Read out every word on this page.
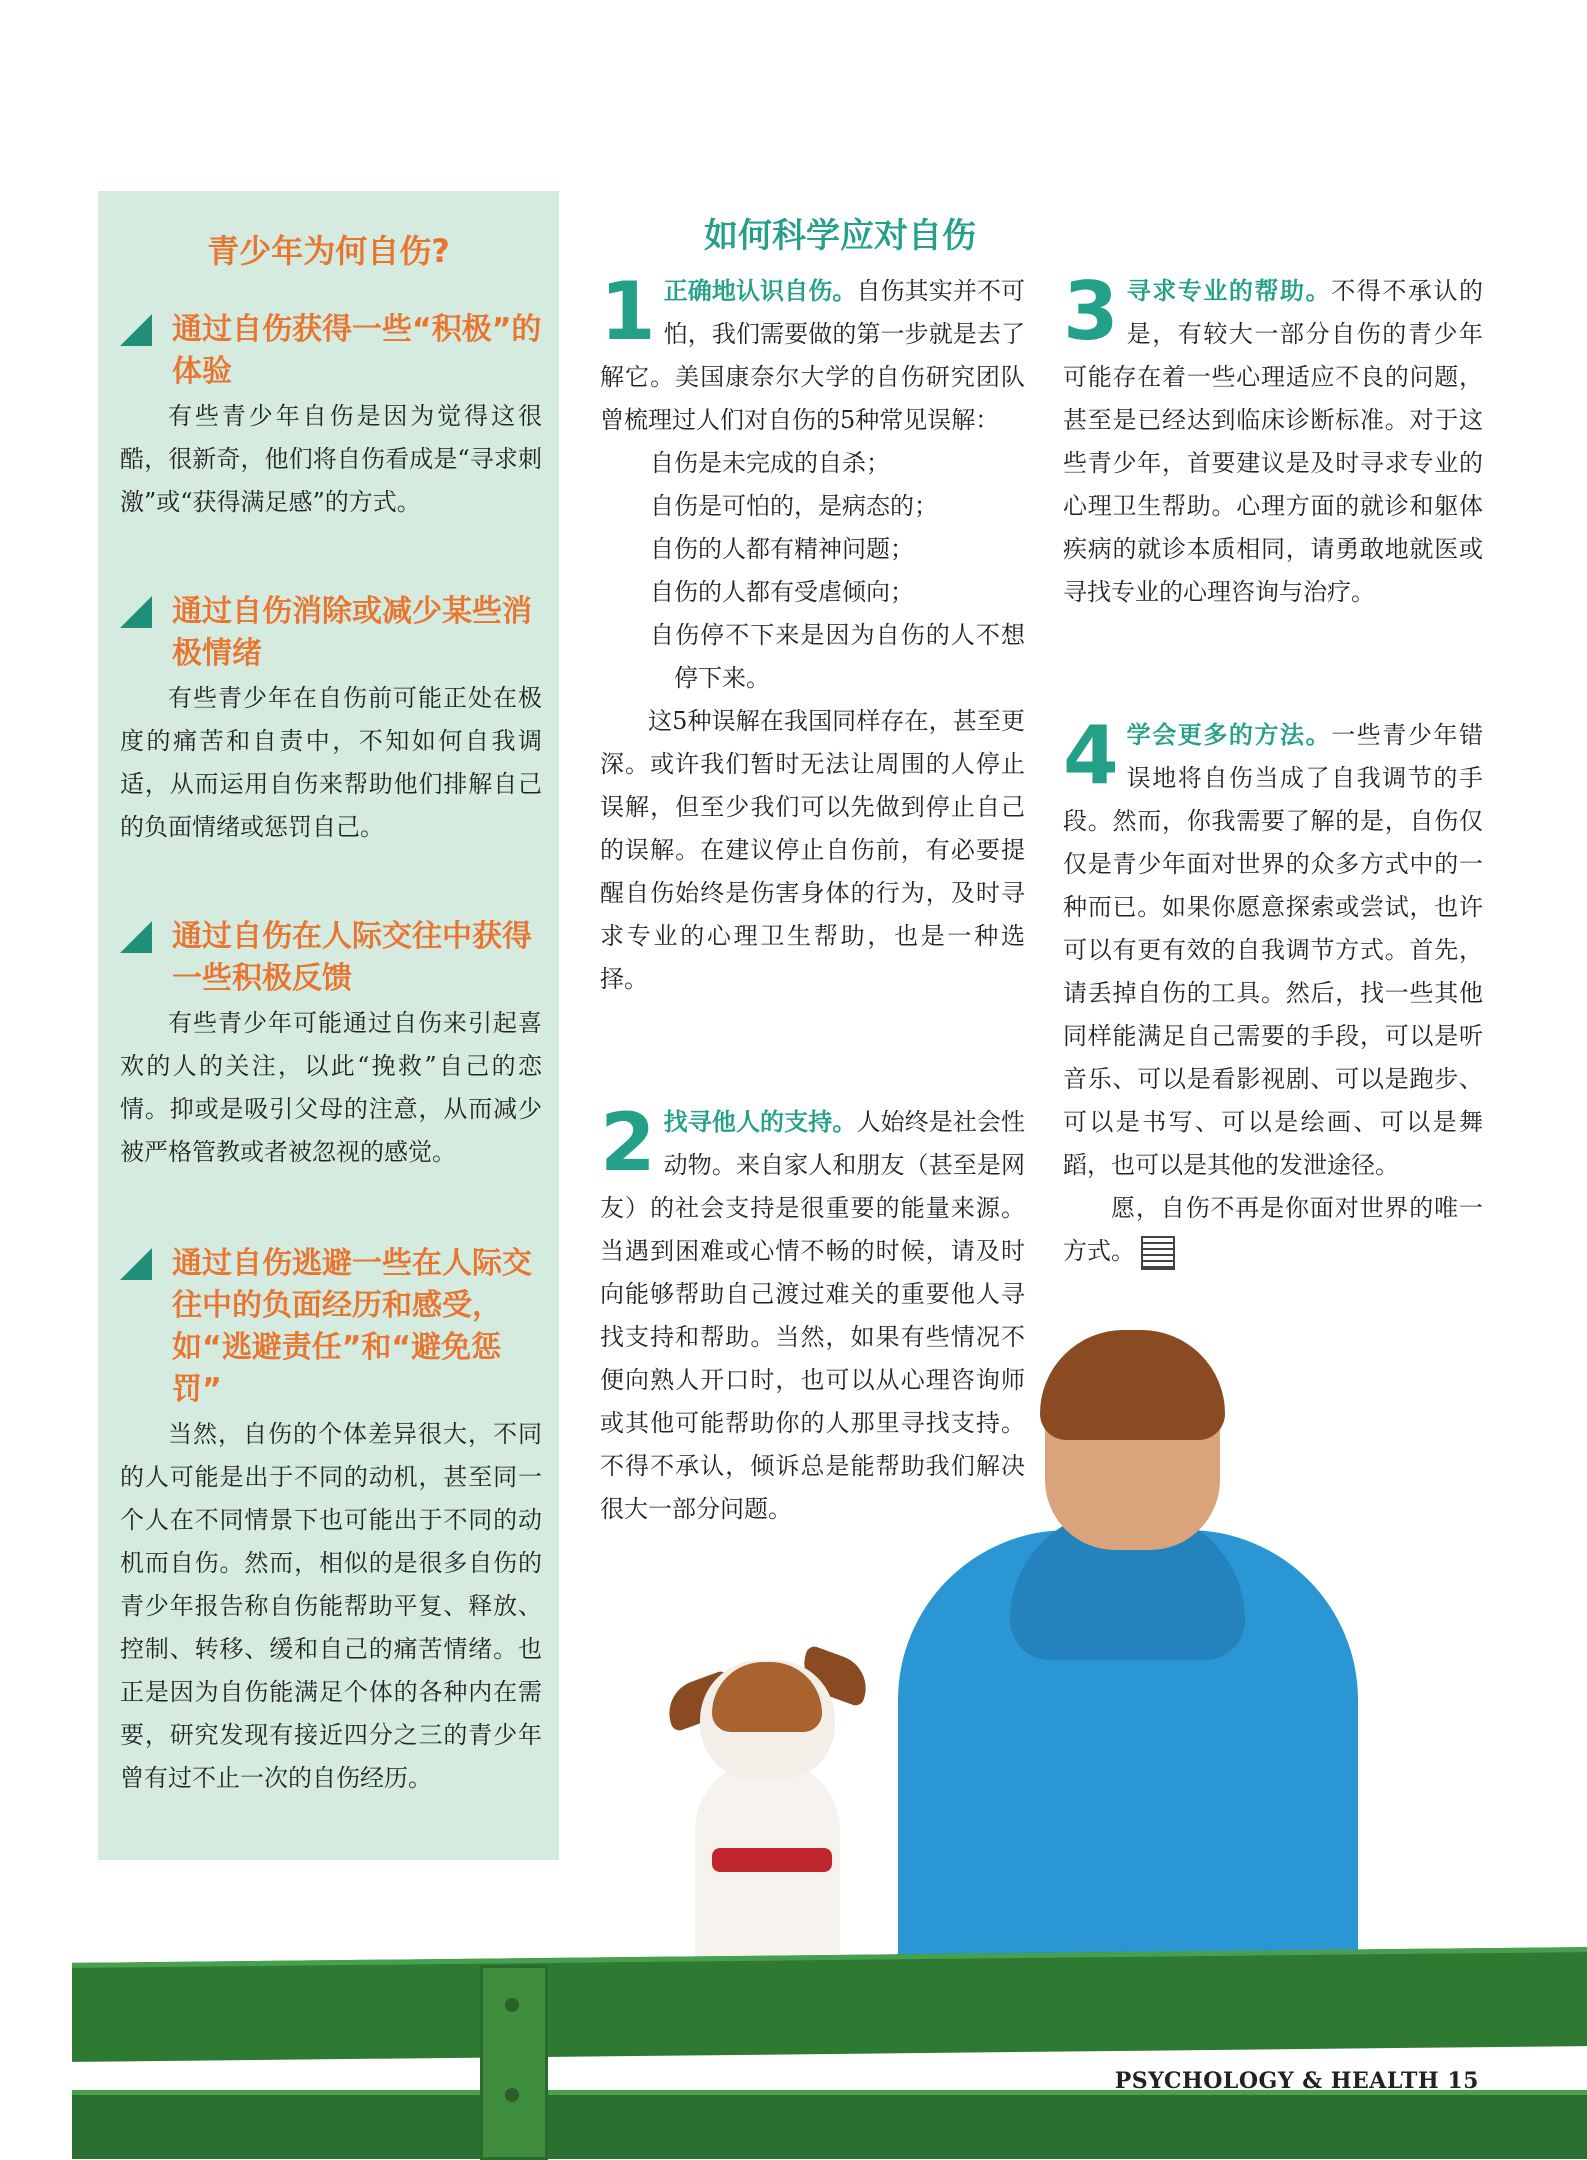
青少年为何自伤?
通过自伤获得一些“积极”的体验
有些青少年自伤是因为觉得这很酷，很新奇，他们将自伤看成是“寻求刺激”或“获得满足感”的方式。
通过自伤消除或减少某些消极情绪
有些青少年在自伤前可能正处在极度的痛苦和自责中，不知如何自我调适，从而运用自伤来帮助他们排解自己的负面情绪或惩罚自己。
通过自伤在人际交往中获得一些积极反馈
有些青少年可能通过自伤来引起喜欢的人的关注，以此“挽救”自己的恋情。抑或是吸引父母的注意，从而减少被严格管教或者被忽视的感觉。
通过自伤逃避一些在人际交往中的负面经历和感受，如“逃避责任”和“避免惩罚”
当然，自伤的个体差异很大，不同的人可能是出于不同的动机，甚至同一个人在不同情景下也可能出于不同的动机而自伤。然而，相似的是很多自伤的青少年报告称自伤能帮助平复、释放、控制、转移、缓和自己的痛苦情绪。也正是因为自伤能满足个体的各种内在需要，研究发现有接近四分之三的青少年曾有过不止一次的自伤经历。
如何科学应对自伤
1 正确地认识自伤。自伤其实并不可怕，我们需要做的第一步就是去了解它。美国康奈尔大学的自伤研究团队曾梳理过人们对自伤的5种常见误解：
自伤是未完成的自杀；
自伤是可怕的，是病态的；
自伤的人都有精神问题；
自伤的人都有受虐倾向；
自伤停不下来是因为自伤的人不想停下来。
这5种误解在我国同样存在，甚至更深。或许我们暂时无法让周围的人停止误解，但至少我们可以先做到停止自己的误解。在建议停止自伤前，有必要提醒自伤始终是伤害身体的行为，及时寻求专业的心理卫生帮助，也是一种选择。
2 找寻他人的支持。人始终是社会性动物。来自家人和朋友（甚至是网友）的社会支持是很重要的能量来源。当遇到困难或心情不畅的时候，请及时向能够帮助自己渡过难关的重要他人寻找支持和帮助。当然，如果有些情况不便向熟人开口时，也可以从心理咨询师或其他可能帮助你的人那里寻找支持。不得不承认，倾诉总是能帮助我们解决很大一部分问题。
3 寻求专业的帮助。不得不承认的是，有较大一部分自伤的青少年可能存在着一些心理适应不良的问题，甚至是已经达到临床诊断标准。对于这些青少年，首要建议是及时寻求专业的心理卫生帮助。心理方面的就诊和躯体疾病的就诊本质相同，请勇敢地就医或寻找专业的心理咨询与治疗。
4 学会更多的方法。一些青少年错误地将自伤当成了自我调节的手段。然而，你我需要了解的是，自伤仅仅是青少年面对世界的众多方式中的一种而已。如果你愿意探索或尝试，也许可以有更有效的自我调节方式。首先，请丢掉自伤的工具。然后，找一些其他同样能满足自己需要的手段，可以是听音乐、可以是看影视剧、可以是跑步、可以是书写、可以是绘画、可以是舞蹈，也可以是其他的发泄途径。
愿，自伤不再是你面对世界的唯一方式。
PSYCHOLOGY & HEALTH 15
